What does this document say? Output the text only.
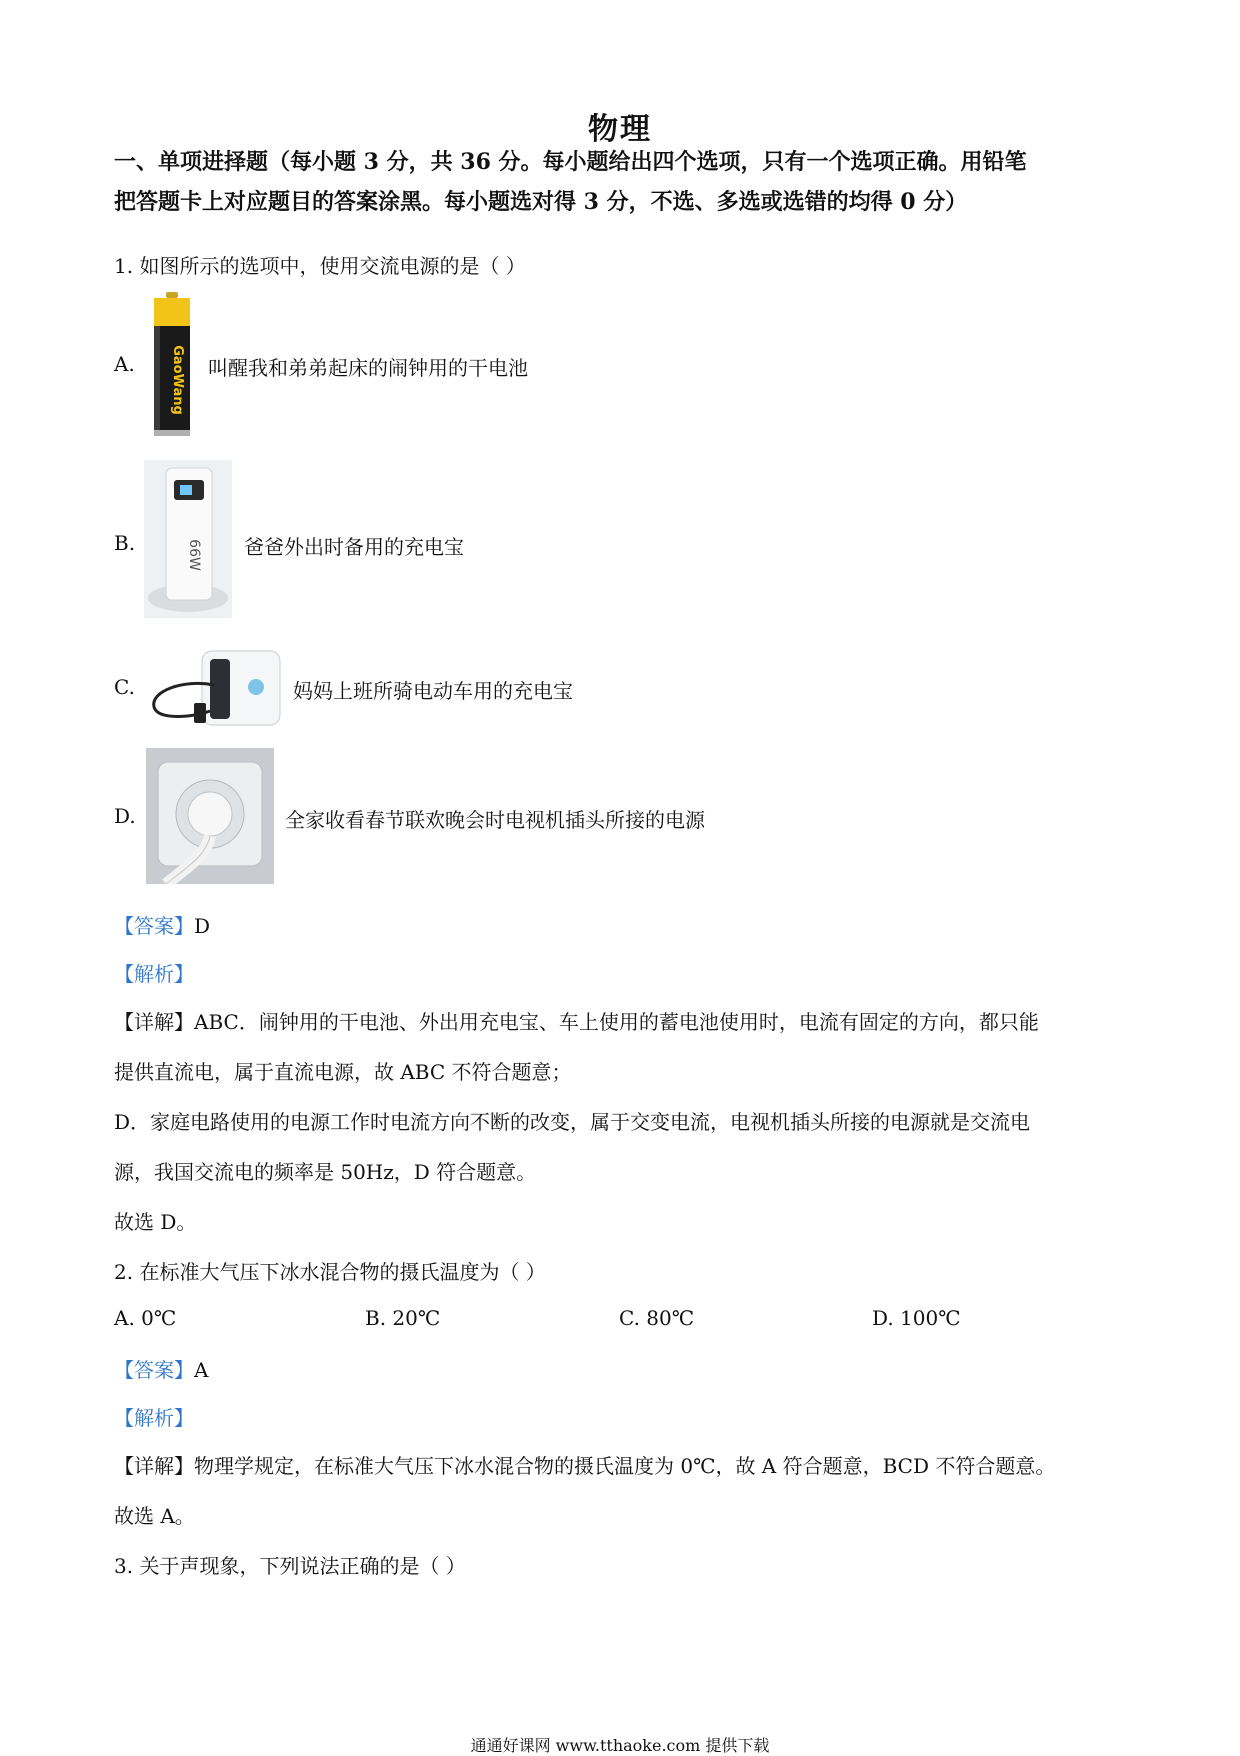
物理
一、单项进择题（每小题 3 分，共 36 分。每小题给出四个选项，只有一个选项正确。用铅笔
把答题卡上对应题目的答案涂黑。每小题选对得 3 分，不选、多选或选错的均得 0 分）
1. 如图所示的选项中，使用交流电源的是（ ）
A.	GaoWang 叫醒我和弟弟起床的闹钟用的干电池
B.	66W 爸爸外出时备用的充电宝
C.	妈妈上班所骑电动车用的充电宝
D.	全家收看春节联欢晚会时电视机插头所接的电源
【答案】D
【解析】
【详解】ABC．闹钟用的干电池、外出用充电宝、车上使用的蓄电池使用时，电流有固定的方向，都只能
提供直流电，属于直流电源，故 ABC 不符合题意；
D．家庭电路使用的电源工作时电流方向不断的改变，属于交变电流，电视机插头所接的电源就是交流电
源，我国交流电的频率是 50Hz，D 符合题意。
故选 D。
2. 在标准大气压下冰水混合物的摄氏温度为（ ）
A. 0℃	B. 20℃	C. 80℃	D. 100℃
【答案】A
【解析】
【详解】物理学规定，在标准大气压下冰水混合物的摄氏温度为 0℃，故 A 符合题意，BCD 不符合题意。
故选 A。
3. 关于声现象，下列说法正确的是（ ）
通通好课网 www.tthaoke.com 提供下载
